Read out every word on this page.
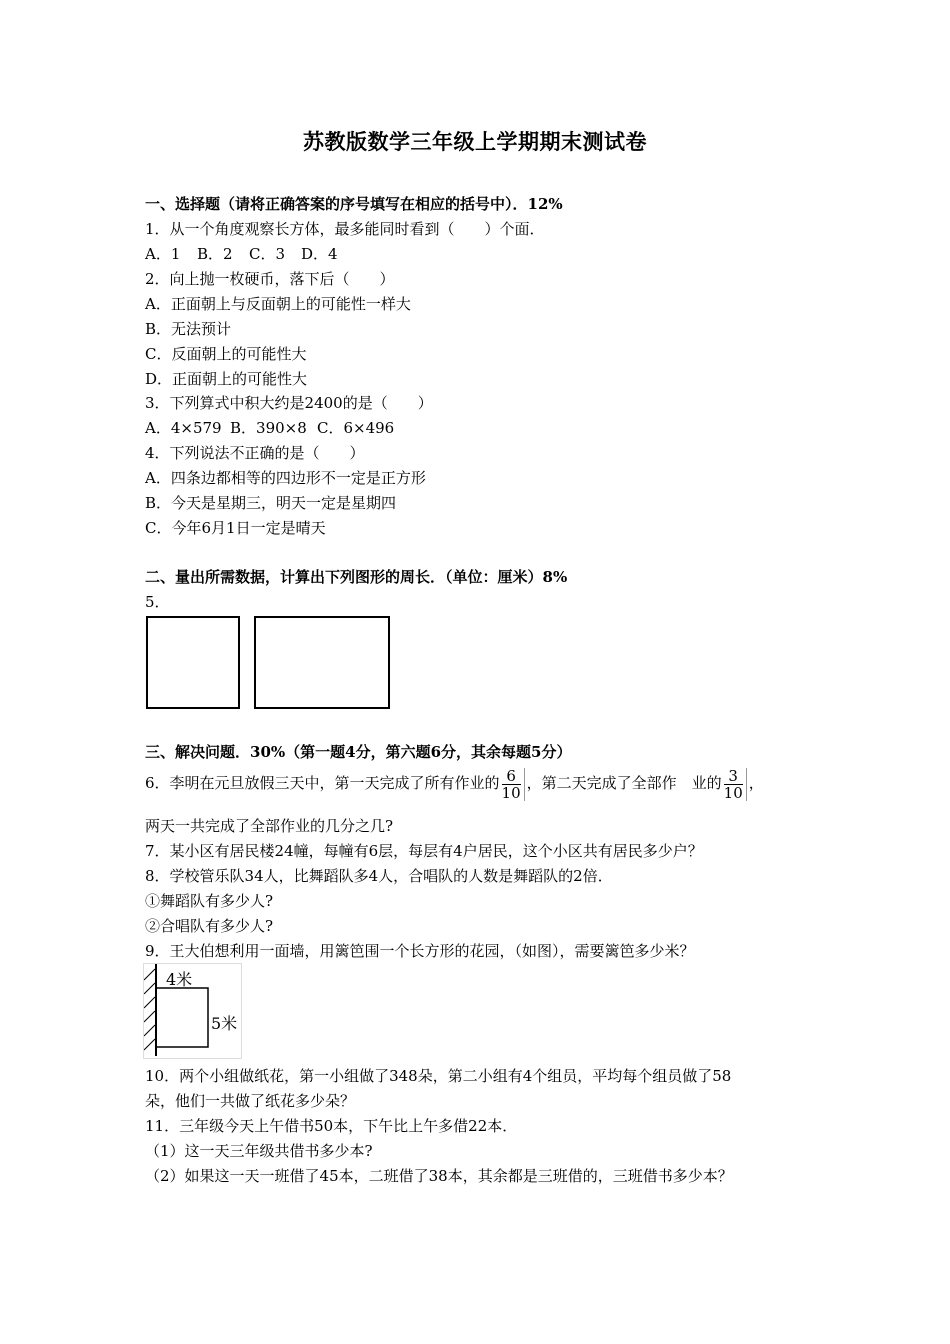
苏教版数学三年级上学期期末测试卷
一、选择题（请将正确答案的序号填写在相应的括号中）．12%
1．从一个角度观察长方体，最多能同时看到（　　）个面．
A．1 B．2 C．3 D．4
2．向上抛一枚硬币，落下后（　　）
A．正面朝上与反面朝上的可能性一样大
B．无法预计
C．反面朝上的可能性大
D．正面朝上的可能性大
3．下列算式中积大约是2400的是（　　）
A．4×579 B．390×8 C．6×496
4．下列说法不正确的是（　　）
A．四条边都相等的四边形不一定是正方形
B．今天是星期三，明天一定是星期四
C．今年6月1日一定是晴天
二、量出所需数据，计算出下列图形的周长．（单位：厘米）8%
5．
三、解决问题．30%（第一题4分，第六题6分，其余每题5分）
6．李明在元旦放假三天中，第一天完成了所有作业的 $\frac{6}{10}$ ，第二天完成了全部作　业的 $\frac{3}{10}$ ，
两天一共完成了全部作业的几分之几?
7．某小区有居民楼24幢，每幢有6层，每层有4户居民，这个小区共有居民多少户？
8．学校管乐队34人，比舞蹈队多4人，合唱队的人数是舞蹈队的2倍．
①舞蹈队有多少人?
②合唱队有多少人?
9．王大伯想利用一面墙，用篱笆围一个长方形的花园，（如图），需要篱笆多少米？
4米
5米
10．两个小组做纸花，第一小组做了348朵，第二小组有4个组员，平均每个组员做了58
朵，他们一共做了纸花多少朵？
11．三年级今天上午借书50本，下午比上午多借22本．
（1）这一天三年级共借书多少本?
（2）如果这一天一班借了45本，二班借了38本，其余都是三班借的，三班借书多少本？
